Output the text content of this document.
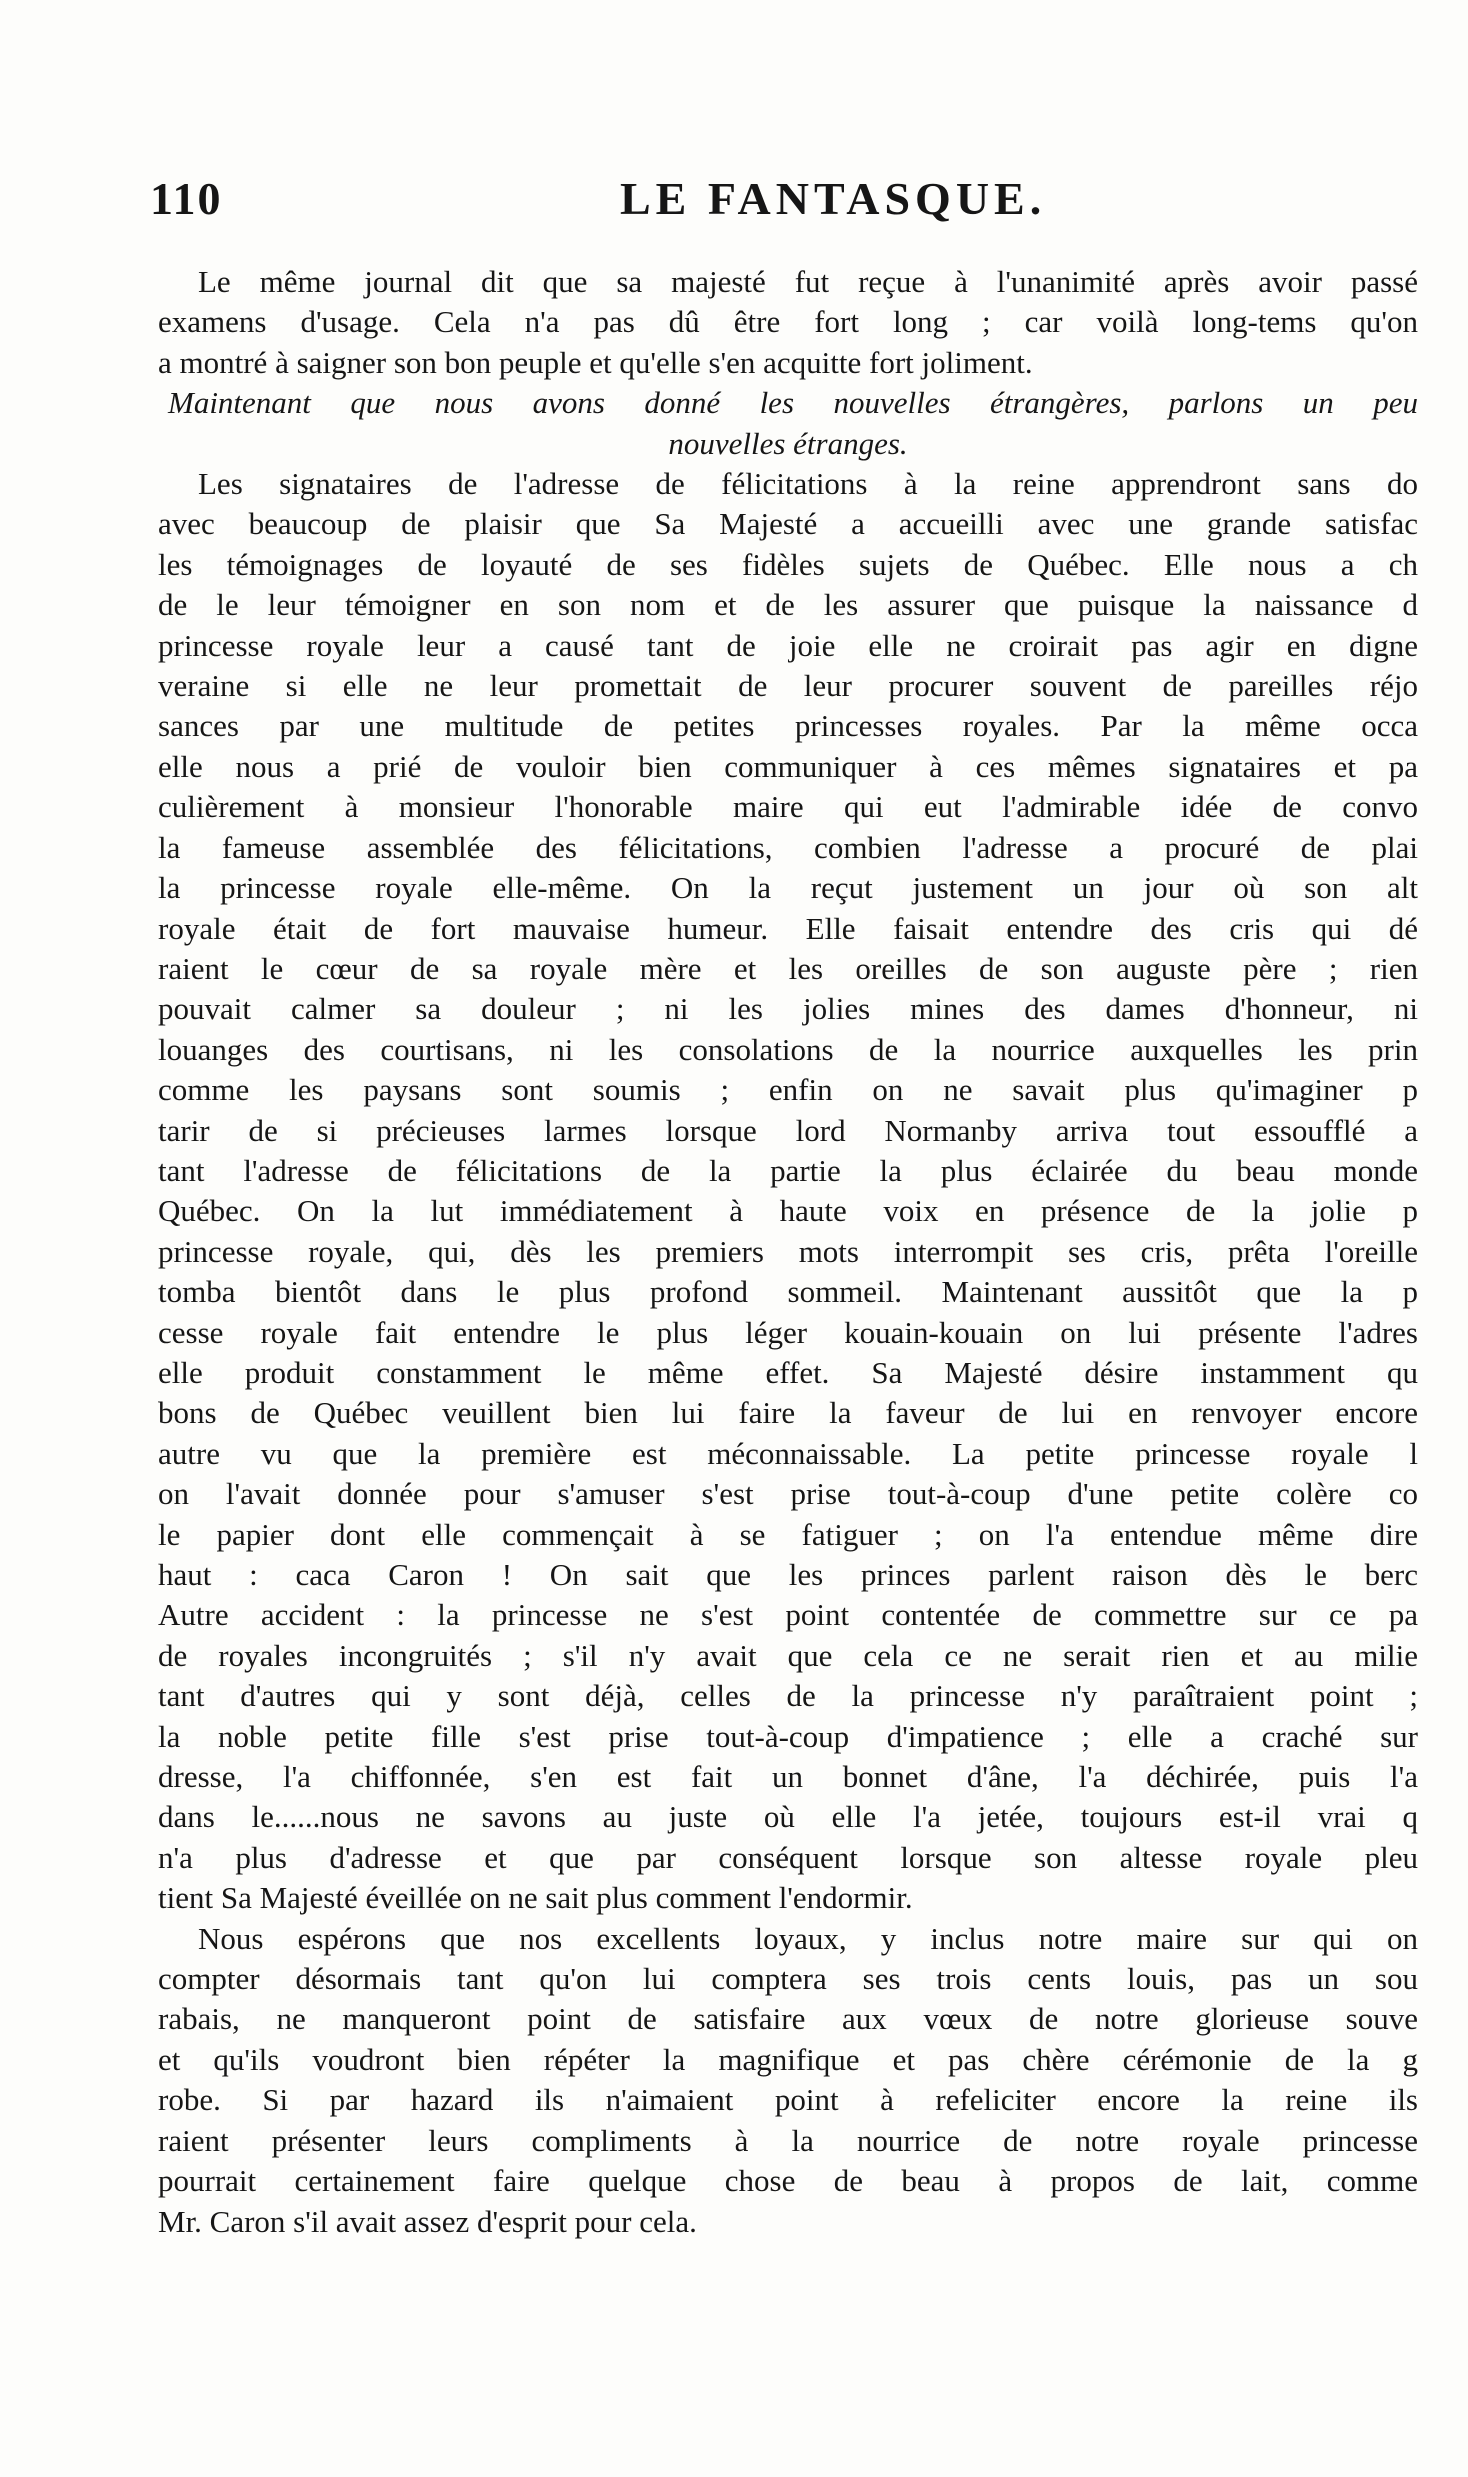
110	LE FANTASQUE.
Le même journal dit que sa majesté fut reçue à l'unanimité après avoir passé
examens d'usage. Cela n'a pas dû être fort long ; car voilà long-tems qu'on
a montré à saigner son bon peuple et qu'elle s'en acquitte fort joliment.
Maintenant que nous avons donné les nouvelles étrangères, parlons un peu
nouvelles étranges.
Les signataires de l'adresse de félicitations à la reine apprendront sans do
avec beaucoup de plaisir que Sa Majesté a accueilli avec une grande satisfac
les témoignages de loyauté de ses fidèles sujets de Québec. Elle nous a ch
de le leur témoigner en son nom et de les assurer que puisque la naissance d
princesse royale leur a causé tant de joie elle ne croirait pas agir en digne
veraine si elle ne leur promettait de leur procurer souvent de pareilles réjo
sances par une multitude de petites princesses royales. Par la même occa
elle nous a prié de vouloir bien communiquer à ces mêmes signataires et pa
culièrement à monsieur l'honorable maire qui eut l'admirable idée de convo
la fameuse assemblée des félicitations, combien l'adresse a procuré de plai
la princesse royale elle-même. On la reçut justement un jour où son alt
royale était de fort mauvaise humeur. Elle faisait entendre des cris qui dé
raient le cœur de sa royale mère et les oreilles de son auguste père ; rien
pouvait calmer sa douleur ; ni les jolies mines des dames d'honneur, ni
louanges des courtisans, ni les consolations de la nourrice auxquelles les prin
comme les paysans sont soumis ; enfin on ne savait plus qu'imaginer p
tarir de si précieuses larmes lorsque lord Normanby arriva tout essoufflé a
tant l'adresse de félicitations de la partie la plus éclairée du beau monde
Québec. On la lut immédiatement à haute voix en présence de la jolie p
princesse royale, qui, dès les premiers mots interrompit ses cris, prêta l'oreille
tomba bientôt dans le plus profond sommeil. Maintenant aussitôt que la p
cesse royale fait entendre le plus léger kouain-kouain on lui présente l'adres
elle produit constamment le même effet. Sa Majesté désire instamment qu
bons de Québec veuillent bien lui faire la faveur de lui en renvoyer encore
autre vu que la première est méconnaissable. La petite princesse royale l
on l'avait donnée pour s'amuser s'est prise tout-à-coup d'une petite colère co
le papier dont elle commençait à se fatiguer ; on l'a entendue même dire
haut : caca Caron ! On sait que les princes parlent raison dès le berc
Autre accident : la princesse ne s'est point contentée de commettre sur ce pa
de royales incongruités ; s'il n'y avait que cela ce ne serait rien et au milie
tant d'autres qui y sont déjà, celles de la princesse n'y paraîtraient point ;
la noble petite fille s'est prise tout-à-coup d'impatience ; elle a craché sur
dresse, l'a chiffonnée, s'en est fait un bonnet d'âne, l'a déchirée, puis l'a
dans le......nous ne savons au juste où elle l'a jetée, toujours est-il vrai q
n'a plus d'adresse et que par conséquent lorsque son altesse royale pleu
tient Sa Majesté éveillée on ne sait plus comment l'endormir.
Nous espérons que nos excellents loyaux, y inclus notre maire sur qui on
compter désormais tant qu'on lui comptera ses trois cents louis, pas un sou
rabais, ne manqueront point de satisfaire aux vœux de notre glorieuse souve
et qu'ils voudront bien répéter la magnifique et pas chère cérémonie de la g
robe. Si par hazard ils n'aimaient point à refeliciter encore la reine ils
raient présenter leurs compliments à la nourrice de notre royale princesse
pourrait certainement faire quelque chose de beau à propos de lait, comme
Mr. Caron s'il avait assez d'esprit pour cela.
